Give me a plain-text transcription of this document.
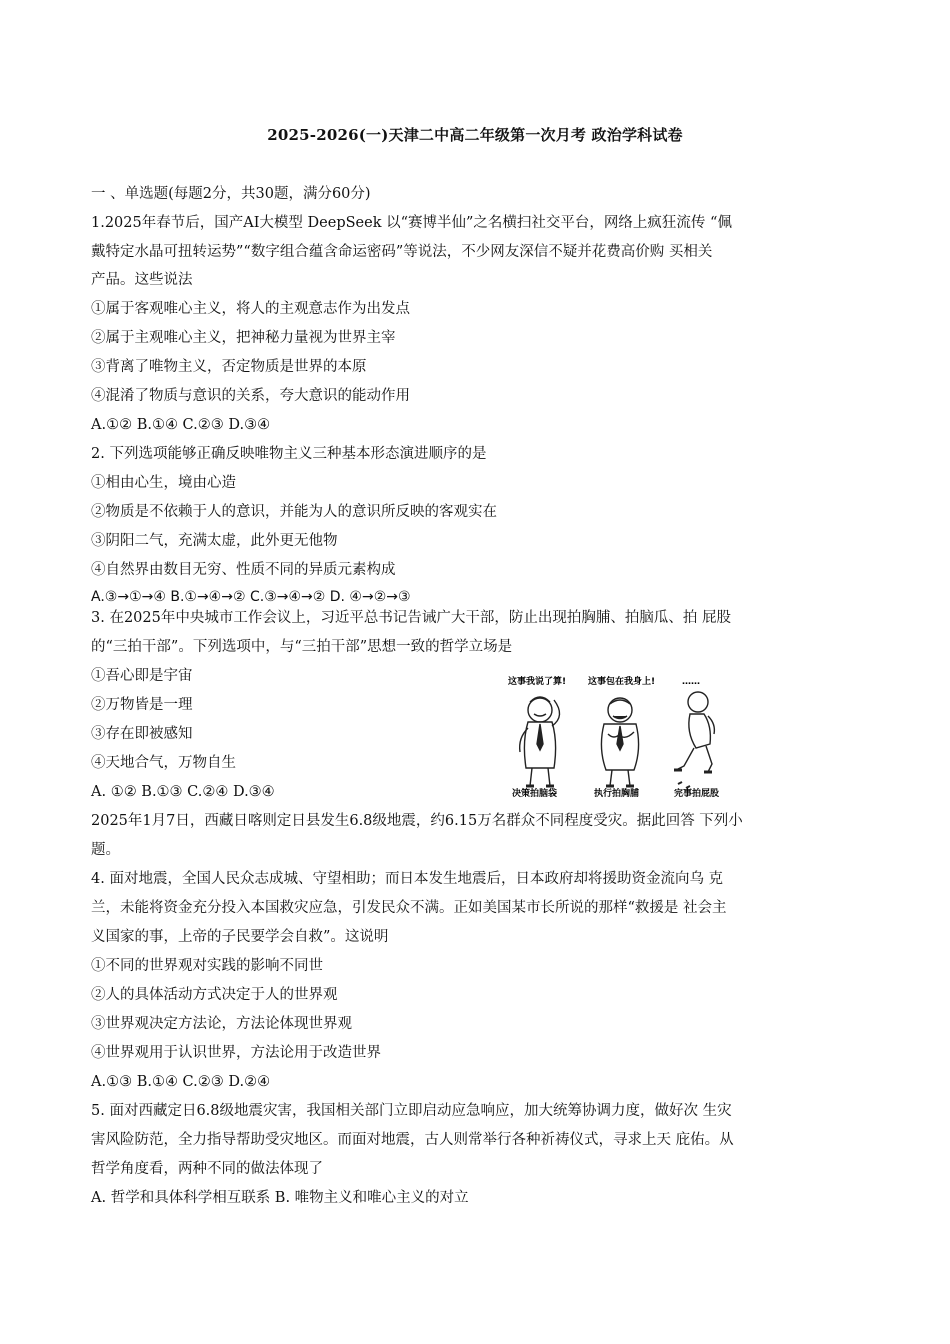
2025-2026(一)天津二中高二年级第一次月考 政治学科试卷
一 、单选题(每题2分，共30题，满分60分)
1.2025年春节后，国产AI大模型 DeepSeek 以“赛博半仙”之名横扫社交平台，网络上疯狂流传 “佩
戴特定水晶可扭转运势”“数字组合蕴含命运密码”等说法，不少网友深信不疑并花费高价购 买相关
产品。这些说法
①属于客观唯心主义，将人的主观意志作为出发点
②属于主观唯心主义，把神秘力量视为世界主宰
③背离了唯物主义，否定物质是世界的本原
④混淆了物质与意识的关系，夸大意识的能动作用
A.①② B.①④ C.②③ D.③④
2. 下列选项能够正确反映唯物主义三种基本形态演进顺序的是
①相由心生，境由心造
②物质是不依赖于人的意识，并能为人的意识所反映的客观实在
③阴阳二气，充满太虚，此外更无他物
④自然界由数目无穷、性质不同的异质元素构成
A.③→①→④ B.①→④→② C.③→④→② D. ④→②→③
3. 在2025年中央城市工作会议上，习近平总书记告诫广大干部，防止出现拍胸脯、拍脑瓜、拍 屁股
的“三拍干部”。下列选项中，与“三拍干部”思想一致的哲学立场是
①吾心即是宇宙
②万物皆是一理
③存在即被感知
④天地合气，万物自生
A. ①② B.①③ C.②④ D.③④
2025年1月7日，西藏日喀则定日县发生6.8级地震，约6.15万名群众不同程度受灾。据此回答 下列小
题。
4. 面对地震，全国人民众志成城、守望相助；而日本发生地震后，日本政府却将援助资金流向乌 克
兰，未能将资金充分投入本国救灾应急，引发民众不满。正如美国某市长所说的那样“救援是 社会主
义国家的事，上帝的子民要学会自救”。这说明
①不同的世界观对实践的影响不同世
②人的具体活动方式决定于人的世界观
③世界观决定方法论，方法论体现世界观
④世界观用于认识世界，方法论用于改造世界
A.①③ B.①④ C.②③ D.②④
5. 面对西藏定日6.8级地震灾害，我国相关部门立即启动应急响应，加大统筹协调力度，做好次 生灾
害风险防范，全力指导帮助受灾地区。而面对地震，古人则常举行各种祈祷仪式，寻求上天 庇佑。从
哲学角度看，两种不同的做法体现了
A. 哲学和具体科学相互联系 B. 唯物主义和唯心主义的对立
这事我说了算! 这事包在我身上!	……
决策拍脑袋	执行拍胸脯	完事拍屁股
